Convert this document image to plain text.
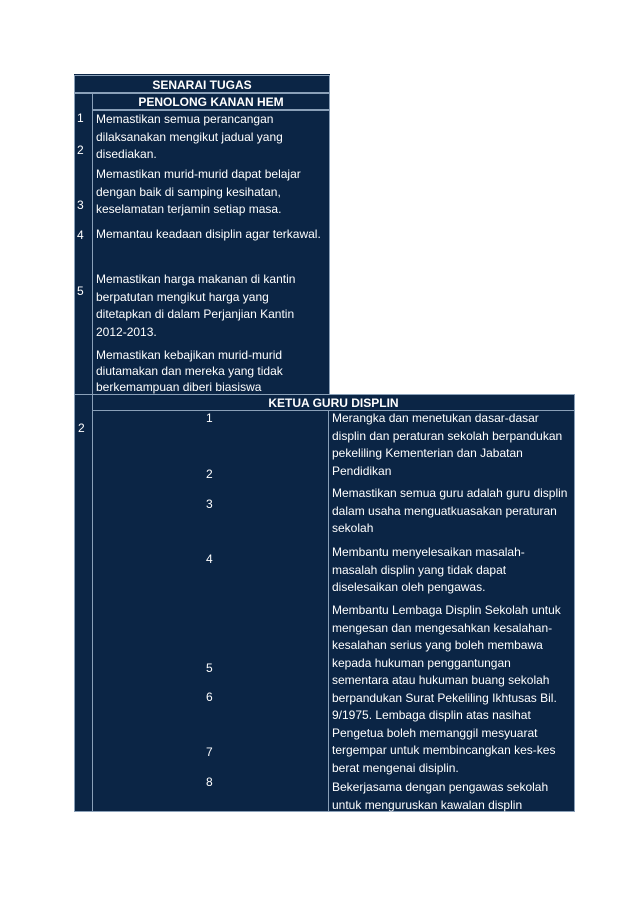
SENARAI TUGAS
PENOLONG KANAN HEM
1
2
3
4
5

Memastikan semua perancangan dilaksanakan mengikut jadual yang disediakan.

Memastikan murid-murid dapat belajar dengan baik di samping kesihatan, keselamatan terjamin setiap masa.

Memantau keadaan disiplin agar terkawal.

Memastikan harga makanan di kantin berpatutan mengikut harga yang ditetapkan di dalam Perjanjian Kantin 2012-2013.

Memastikan kebajikan murid-murid diutamakan dan mereka yang tidak berkemampuan diberi biasiswa

2
KETUA GURU DISPLIN
1
2
3
4
5
6
7
8

Merangka dan menetukan dasar-dasar displin dan peraturan sekolah berpandukan pekeliling Kementerian dan Jabatan Pendidikan

Memastikan semua guru adalah guru displin dalam usaha menguatkuasakan peraturan sekolah

Membantu menyelesaikan masalah-masalah displin yang tidak dapat diselesaikan oleh pengawas.

Membantu Lembaga Displin Sekolah untuk mengesan dan mengesahkan kesalahan-kesalahan serius yang boleh membawa kepada hukuman penggantungan sementara atau hukuman buang sekolah berpandukan Surat Pekeliling Ikhtusas Bil. 9/1975. Lembaga displin atas nasihat Pengetua boleh memanggil mesyuarat tergempar untuk membincangkan kes-kes berat mengenai disiplin.

Bekerjasama dengan pengawas sekolah untuk menguruskan kawalan displin
